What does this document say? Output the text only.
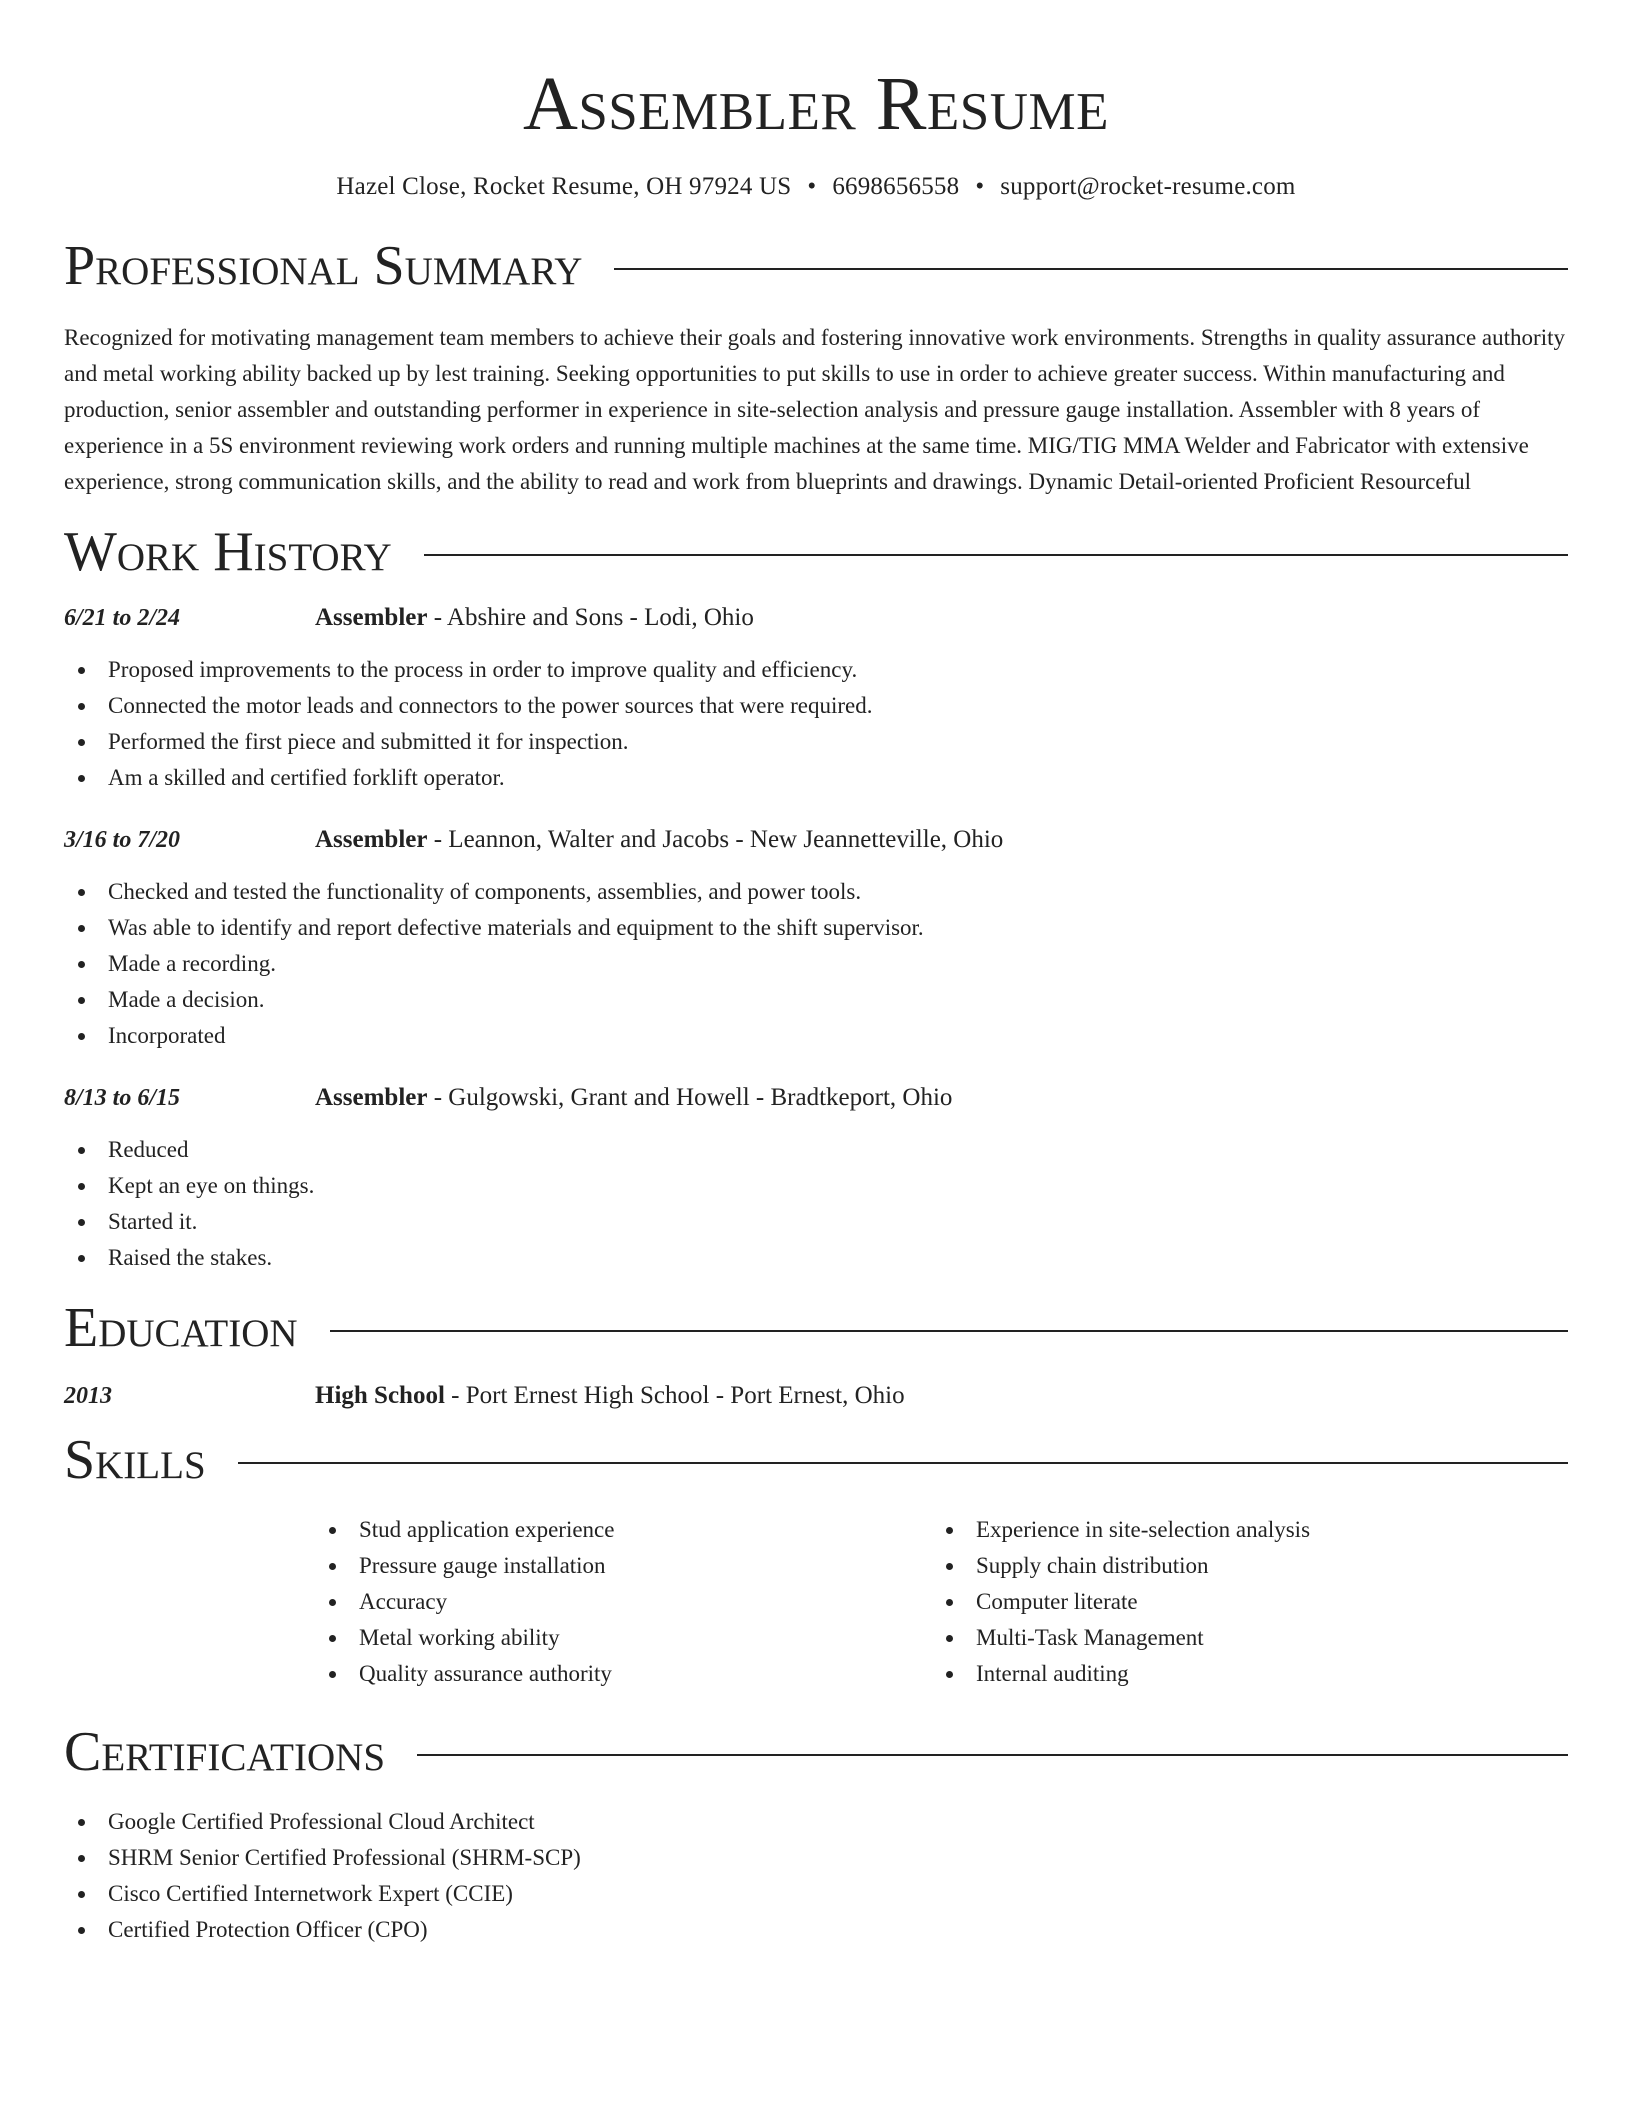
Assembler Resume
Hazel Close, Rocket Resume, OH 97924 US • 6698656558 • support@rocket-resume.com
Professional Summary

Recognized for motivating management team members to achieve their goals and fostering innovative work environments. Strengths in quality assurance authority and metal working ability backed up by lest training. Seeking opportunities to put skills to use in order to achieve greater success. Within manufacturing and production, senior assembler and outstanding performer in experience in site-selection analysis and pressure gauge installation. Assembler with 8 years of experience in a 5S environment reviewing work orders and running multiple machines at the same time. MIG/TIG MMA Welder and Fabricator with extensive experience, strong communication skills, and the ability to read and work from blueprints and drawings. Dynamic Detail-oriented Proficient Resourceful

Work History
6/21 to 2/24	Assembler - Abshire and Sons - Lodi, Ohio
Proposed improvements to the process in order to improve quality and efficiency.
Connected the motor leads and connectors to the power sources that were required.
Performed the first piece and submitted it for inspection.
Am a skilled and certified forklift operator.
3/16 to 7/20	Assembler - Leannon, Walter and Jacobs - New Jeannetteville, Ohio
Checked and tested the functionality of components, assemblies, and power tools.
Was able to identify and report defective materials and equipment to the shift supervisor.
Made a recording.
Made a decision.
Incorporated
8/13 to 6/15	Assembler - Gulgowski, Grant and Howell - Bradtkeport, Ohio
Reduced
Kept an eye on things.
Started it.
Raised the stakes.
Education
2013	High School - Port Ernest High School - Port Ernest, Ohio
Skills
Stud application experience
Pressure gauge installation
Accuracy
Metal working ability
Quality assurance authority
Experience in site-selection analysis
Supply chain distribution
Computer literate
Multi-Task Management
Internal auditing
Certifications
Google Certified Professional Cloud Architect
SHRM Senior Certified Professional (SHRM-SCP)
Cisco Certified Internetwork Expert (CCIE)
Certified Protection Officer (CPO)
